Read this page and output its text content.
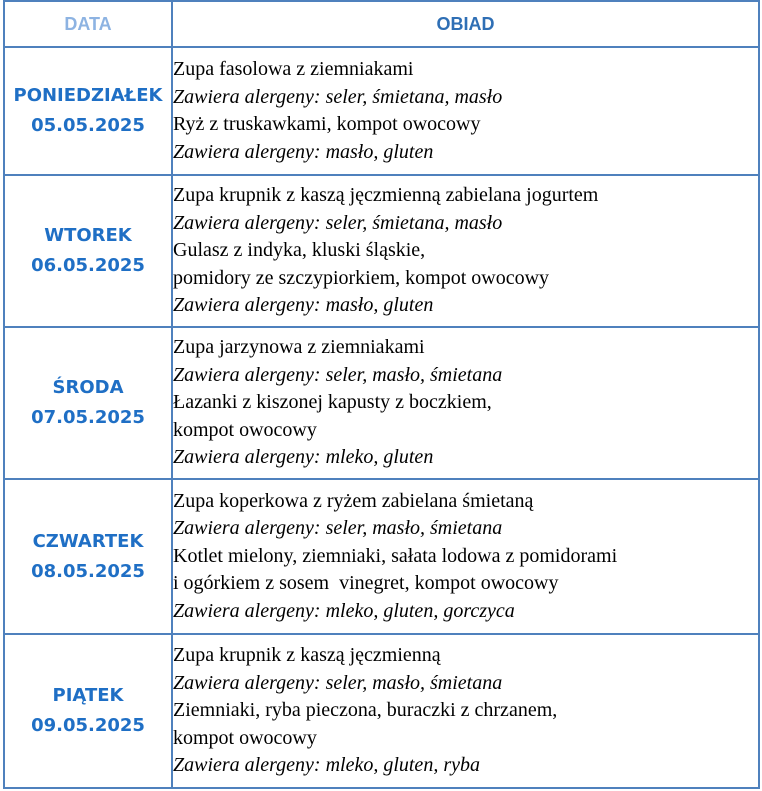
DATA	OBIAD

PONIEDZIAŁEK
05.05.2025	Zupa fasolowa z ziemniakami
Zawiera alergeny: seler, śmietana, masło
Ryż z truskawkami, kompot owocowy
Zawiera alergeny: masło, gluten

WTOREK
06.05.2025	Zupa krupnik z kaszą jęczmienną zabielana jogurtem
Zawiera alergeny: seler, śmietana, masło
Gulasz z indyka, kluski śląskie,
pomidory ze szczypiorkiem, kompot owocowy
Zawiera alergeny: masło, gluten

ŚRODA
07.05.2025	Zupa jarzynowa z ziemniakami
Zawiera alergeny: seler, masło, śmietana
Łazanki z kiszonej kapusty z boczkiem,
kompot owocowy
Zawiera alergeny: mleko, gluten

CZWARTEK
08.05.2025	Zupa koperkowa z ryżem zabielana śmietaną
Zawiera alergeny: seler, masło, śmietana
Kotlet mielony, ziemniaki, sałata lodowa z pomidorami
i ogórkiem z sosem  vinegret, kompot owocowy
Zawiera alergeny: mleko, gluten, gorczyca

PIĄTEK
09.05.2025	Zupa krupnik z kaszą jęczmienną
Zawiera alergeny: seler, masło, śmietana
Ziemniaki, ryba pieczona, buraczki z chrzanem,
kompot owocowy
Zawiera alergeny: mleko, gluten, ryba
